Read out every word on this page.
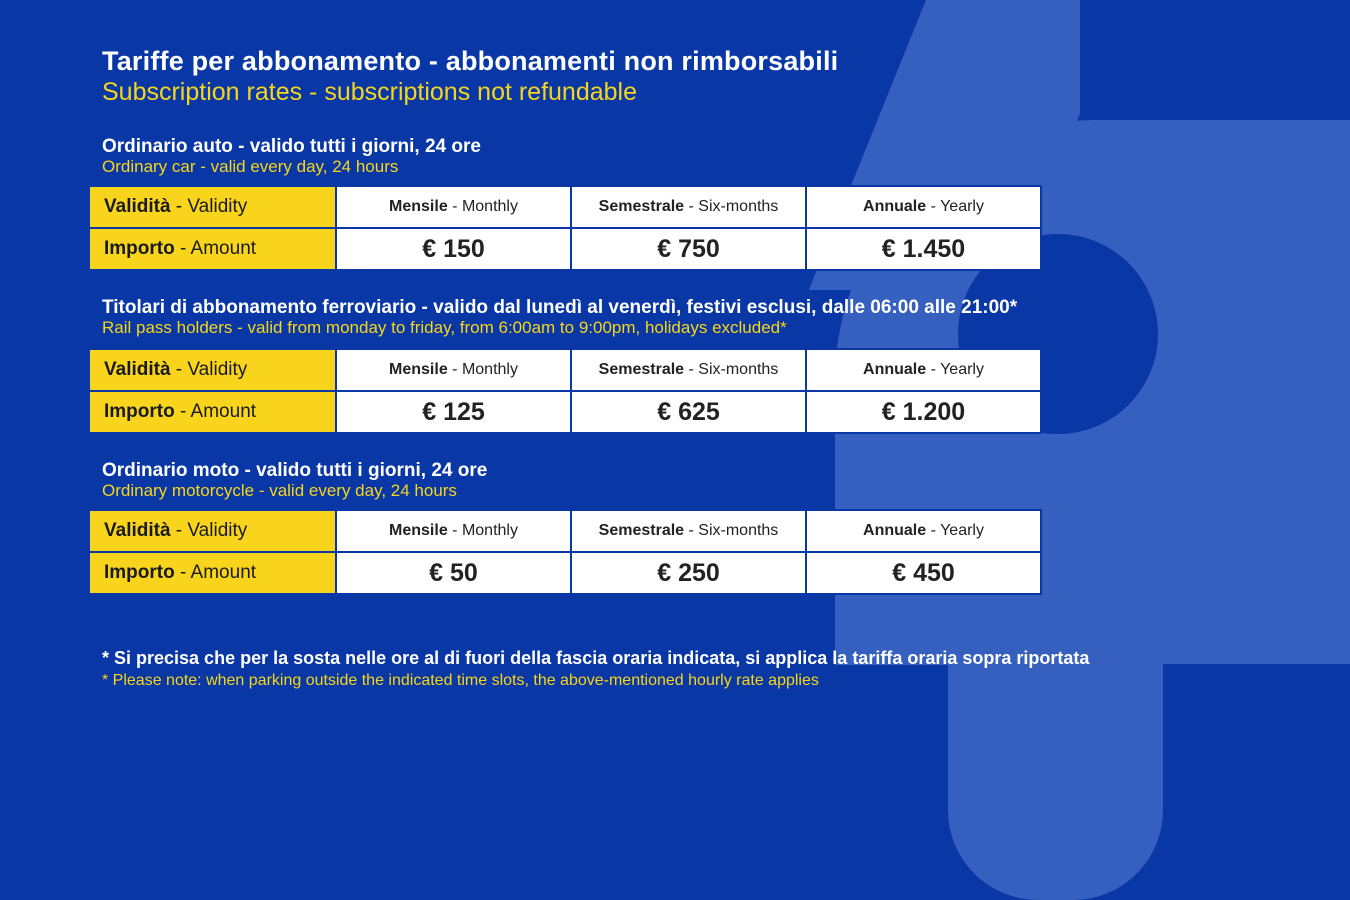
Tariffe per abbonamento - abbonamenti non rimborsabili
Subscription rates - subscriptions not refundable
Ordinario auto - valido tutti i giorni, 24 ore
Ordinary car - valid every day, 24 hours
Validità - Validity	Mensile - Monthly	Semestrale - Six-months	Annuale - Yearly
Importo - Amount	€ 150	€ 750	€ 1.450
Titolari di abbonamento ferroviario - valido dal lunedì al venerdì, festivi esclusi, dalle 06:00 alle 21:00*
Rail pass holders - valid from monday to friday, from 6:00am to 9:00pm, holidays excluded*
Validità - Validity	Mensile - Monthly	Semestrale - Six-months	Annuale - Yearly
Importo - Amount	€ 125	€ 625	€ 1.200
Ordinario moto - valido tutti i giorni, 24 ore
Ordinary motorcycle - valid every day, 24 hours
Validità - Validity	Mensile - Monthly	Semestrale - Six-months	Annuale - Yearly
Importo - Amount	€ 50	€ 250	€ 450
* Si precisa che per la sosta nelle ore al di fuori della fascia oraria indicata, si applica la tariffa oraria sopra riportata
* Please note: when parking outside the indicated time slots, the above-mentioned hourly rate applies
